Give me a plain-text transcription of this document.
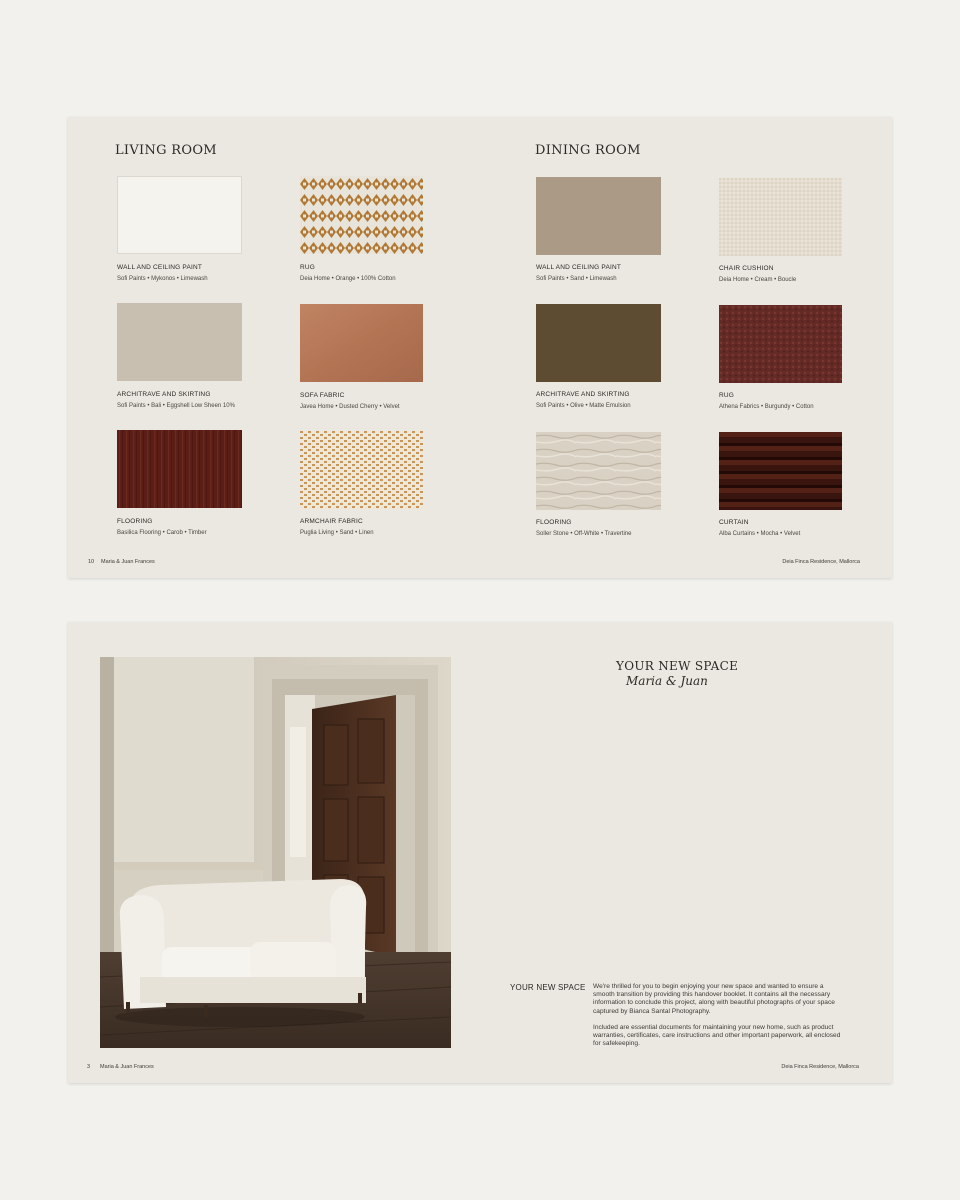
LIVING ROOM	DINING ROOM
WALL AND CEILING PAINT
Sofi Paints • Mykonos • Limewash
ARCHITRAVE AND SKIRTING
Sofi Paints • Bali • Eggshell Low Sheen 10%
FLOORING
Basilica Flooring • Carob • Timber
RUG
Deia Home • Orange • 100% Cotton
SOFA FABRIC
Javea Home • Dusted Cherry • Velvet
ARMCHAIR FABRIC
Puglia Living • Sand • Linen
WALL AND CEILING PAINT
Sofi Paints • Sand • Limewash
ARCHITRAVE AND SKIRTING
Sofi Paints • Olive • Matte Emulsion
FLOORING
Soller Stone • Off-White • Travertine
CHAIR CUSHION
Deia Home • Cream • Boucle
RUG
Athena Fabrics • Burgundy • Cotton
CURTAIN
Alba Curtains • Mocha • Velvet
10 Maria & Juan Frances	Deia Finca Residence, Mallorca
YOUR NEW SPACE
Maria & Juan
YOUR NEW SPACE We're thrilled for you to begin enjoying your new space and wanted to ensure a smooth transition by providing this handover booklet. It contains all the necessary information to conclude this project, along with beautiful photographs of your space captured by Bianca Santal Photography.

Included are essential documents for maintaining your new home, such as product warranties, certificates, care instructions and other important paperwork, all enclosed for safekeeping.

3 Maria & Juan Frances	Deia Finca Residence, Mallorca
